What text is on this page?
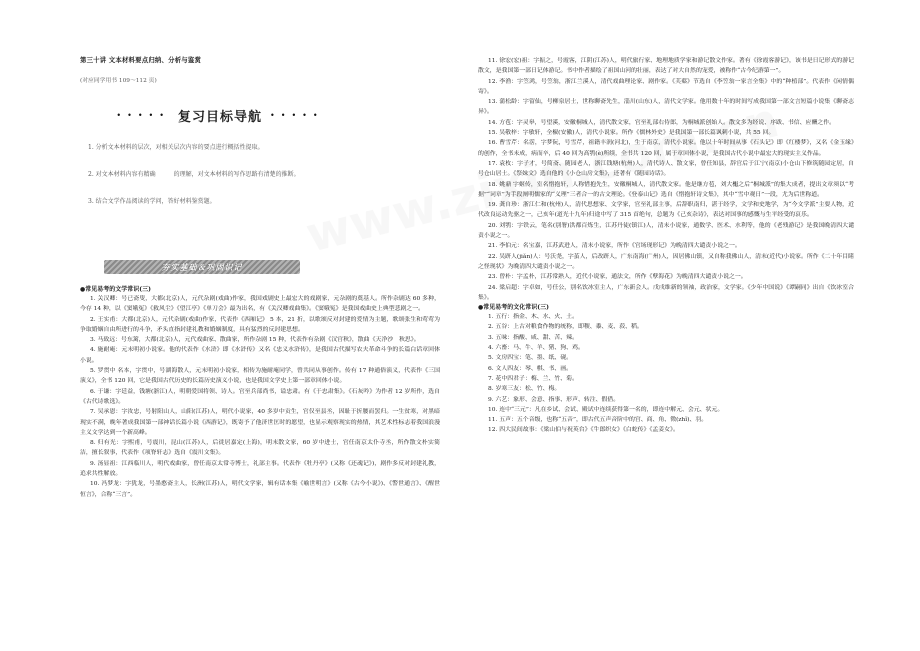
第三十讲 文本材料要点归纳、分析与鉴赏

(对应同学用书 109～112 页)
••••• 复习目标导航 •••••
1. 分析文本材料的层次，对相关层次内容的要点进行概括性提取。
2. 对文本材料内容有精确　　　的理解，对文本材料的写作思路有清楚的推断。
3. 结合文学作品阅读的学问，答好材料鉴赏题。
夯实基础＆巩固识记
●常见易考的文学常识(三)

1. 关汉卿：号已斋叟，大都(北京)人，元代杂剧(戏曲)作家，我国戏剧史上最宏大的戏剧家，元杂剧的奠基人。所作杂剧达 60 多种，今存 14 种，以《窦娥冤》《救风尘》《望江亭》《单刀会》最为出名，有《关汉卿戏曲集》。《窦娥冤》是我国戏曲史上典型悲剧之一。

2. 王实甫：大都(北京)人，元代杂剧(戏曲)作家，代表作《西厢记》 5 本，21 折，以歌颂反对封建的爱情为主题，歌颂张生和莺莺为争取婚姻自由所进行的斗争，矛头直指封建礼教和婚姻制度，具有猛烈的反封建思想。

3. 马致远：号东篱，大都(北京)人，元代戏曲家、散曲家，所作杂剧 15 种，代表作有杂剧《汉宫秋》，散曲《天净沙　秋思》。

4. 施耐庵：元末明初小说家。他的代表作《水浒》即《水浒传》又名《忠义水浒传》，是我国古代描写农夫革命斗争的长篇白话章回体小说。

5. 罗贯中 名本，字贯中，号湖海散人，元末明初小说家，相传为施耐庵同学，曾共同从事创作。传有 17 种通俗演义，代表作《三国演义》，全书 120 回，它是我国古代历史的长篇历史演义小说，也是我国文学史上第一部章回体小说。

6. 于谦：字廷益，钱塘(浙江)人，明朝爱国将领、诗人。官至兵部尚书，谥忠肃。有《于忠肃集》。《石灰吟》为作者 12 岁所作，选自《古代诗歌选》。

7. 吴承恩：字汝忠，号射阳山人，山阳(江苏)人，明代小说家，40 多岁中贡生，官仅至县丞，因耻于折腰而罢归。一生贫寒，对黑暗现实不满，晚年著成我国第一部神话长篇小说《西游记》，既寄予了他济世匡时的愿望，也显示观察现实的热情，其艺术性标志着我国浪漫主义文学达到一个新高峰。

8. 归有光：字熙甫，号震川，昆山(江苏)人，后徙居嘉定(上海)，明末散文家，60 岁中进士，官任南京太仆寺丞，所作散文朴实简洁，擅长叙事，代表作《项脊轩志》选自《震川文集》。

9. 汤显祖：江西临川人，明代戏曲家，曾任南京太常寺博士，礼部主事。代表作《牡丹亭》(又称《还魂记》)，剧作多反对封建礼教，追求共性解放。

10. 冯梦龙：字犹龙，号墨憨斋主人，长洲(江苏)人，明代文学家，辑有话本集《喻世明言》(又称《古今小说》)、《警世通言》、《醒世恒言》，合称“三言”。

11. 徐宏(宏)祖：字振之，号霞客，江阴(江苏)人，明代旅行家、地理地质学家和游记散文作家。著有《徐霞客游记》，该书是日记形式的游记散文，是我国第一部日记体游记。书中作者描绘了祖国山河的壮丽，表达了对大自然的宠爱，被称作“古今纪游第一”。

12. 李渔：字笠鸿，号笠翁，浙江兰溪人，清代戏曲理论家、剧作家。《芙蕖》节选自《李笠翁一家言全集》中的“种植部”。代表作《闲情偶寄》。

13. 蒲松龄：字留仙，号柳泉居士，世称聊斋先生，淄川(山东)人，清代文学家。他用数十年的时间写成我国第一部文言短篇小说集《聊斋志异》。

14. 方苞：字灵皋，号望溪，安徽桐城人，清代散文家，官至礼部右侍郎，为桐城派创始人。散文多为经说、序跋、书信、应酬之作。

15. 吴敬梓：字敏轩，全椒(安徽)人，清代小说家。所作《儒林外史》是我国第一部长篇讽刺小说，共 55 回。

16. 曹雪芹：名霑，字梦阮，号雪芹，祖籍丰润(河北)，生于南京，清代小说家。他以十年时间从事《石头记》即《红楼梦》，又名《金玉缘》的创作，全书未成，病而卒，后 40 回为高鹗(è)所续，全书共 120 回，属于章回体小说，是我国古代小说中最宏大的现实主义作品。

17. 袁枚：字子才，号简斋、随园老人，浙江钱塘(杭州)人，清代诗人、散文家，曾任知县，辞官后于江宁(南京)小仓山下修筑随园定居，自号仓山居士。《祭妹文》选自他的《小仓山房文集》，还著有《随园诗话》。

18. 姚鼐 字姬传，室名惜抱轩，人称惜抱先生，安徽桐城人，清代散文家。他是继方苞，刘大櫆之后“桐城派”的集大成者，提出文章须以“考据”“词章”为手段阐明儒家的“义理”三者合一的古文理论。《登泰山记》选自《惜抱轩诗文集》，其中“雪中观日”一段，尤为后世称道。

19. 龚自珍：浙江仁和(杭州)人，清代思想家、文学家，官至礼部主事，后辞职南归，湛于经学，文学和史地学，为“今文学派”主要人物，近代改良运动先驱之一，己亥年(道光十九年)归途中写了 315 首绝句，总题为《己亥杂诗》，表达对国事的感慨与生平经受的哀乐。

20. 刘鹗：字铁云，笔名(别署)洪都百炼生，江苏丹徒(镇江)人，清末小说家，通数学、医术、水利等，他的《老残游记》是我国晚清四大谴责小说之一。

21. 李伯元：名宝嘉，江苏武进人，清末小说家，所作《官场现形记》为晚清四大谴责小说之一。

22. 吴趼人(jiǎn)人：号沃尧，字茧人，后改趼人，广东南海(广州)人，因居佛山镇，又自称我佛山人，清末(近代)小说家。所作《二十年目睹之怪现状》为晚清四大谴责小说之一。

23. 曾朴：字孟朴，江苏常熟人，近代小说家，通法文，所作《孽海花》为晚清四大谴责小说之一。

24. 梁启超：字卓如，号任公，别名饮冰室主人，广东新会人。戊戌维新的领袖，政治家，文学家。《少年中国说》《谭嗣同》出自《饮冰室合集》。

●常见易考的文化常识(三)

1. 五行：指金、木、水、火、土。

2. 五谷：上古对粮食作物的统称，即稷、黍、麦、菽、稻。

3. 五味：指酸、咸、甜、苦、辣。

4. 六畜：马、牛、羊、猪、狗、鸡。

5. 文房四宝：笔、墨、纸、砚。

6. 文人四友：琴、棋、书、画。

7. 花中四君子：梅、兰、竹、菊。

8. 岁寒三友：松、竹、梅。

9. 六艺：象形、会意、指事、形声、转注、假借。

10. 连中“三元”：凡在乡试、会试、殿试中连续获得第一名的，即连中解元、会元、状元。

11. 五声：五个音级，也称“五音”，即古代五声音阶中的宫、商、角、徵(zhǐ)、羽。

12. 四大民间故事：《梁山伯与祝英台》《牛郎织女》《白蛇传》《孟姜女》。
